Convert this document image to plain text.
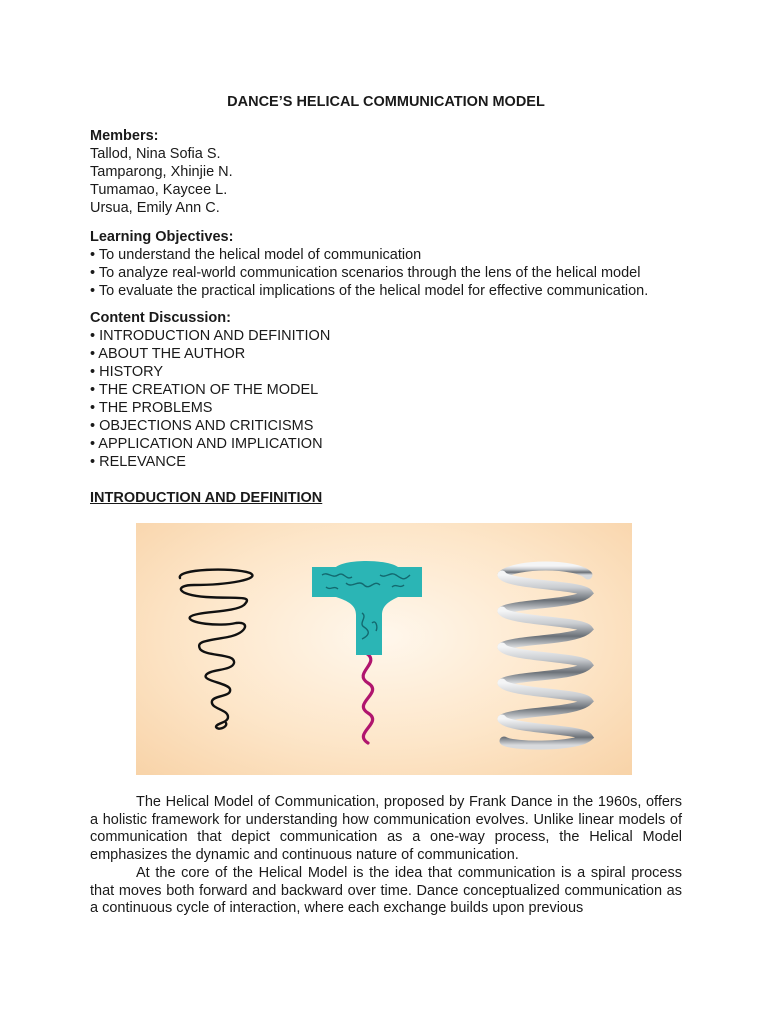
DANCE’S HELICAL COMMUNICATION MODEL
Members:
Tallod, Nina Sofia S.
Tamparong, Xhinjie N.
Tumamao, Kaycee L.
Ursua, Emily Ann C.
Learning Objectives:
• To understand the helical model of communication
• To analyze real-world communication scenarios through the lens of the helical model
• To evaluate the practical implications of the helical model for effective communication.
Content Discussion:
• INTRODUCTION AND DEFINITION
• ABOUT THE AUTHOR
• HISTORY
• THE CREATION OF THE MODEL
• THE PROBLEMS
• OBJECTIONS AND CRITICISMS
• APPLICATION AND IMPLICATION
• RELEVANCE
INTRODUCTION AND DEFINITION
The Helical Model of Communication, proposed by Frank Dance in the 1960s, offers a holistic framework for understanding how communication evolves. Unlike linear models of communication that depict communication as a one-way process, the Helical Model emphasizes the dynamic and continuous nature of communication.
At the core of the Helical Model is the idea that communication is a spiral process that moves both forward and backward over time. Dance conceptualized communication as a continuous cycle of interaction, where each exchange builds upon previous
